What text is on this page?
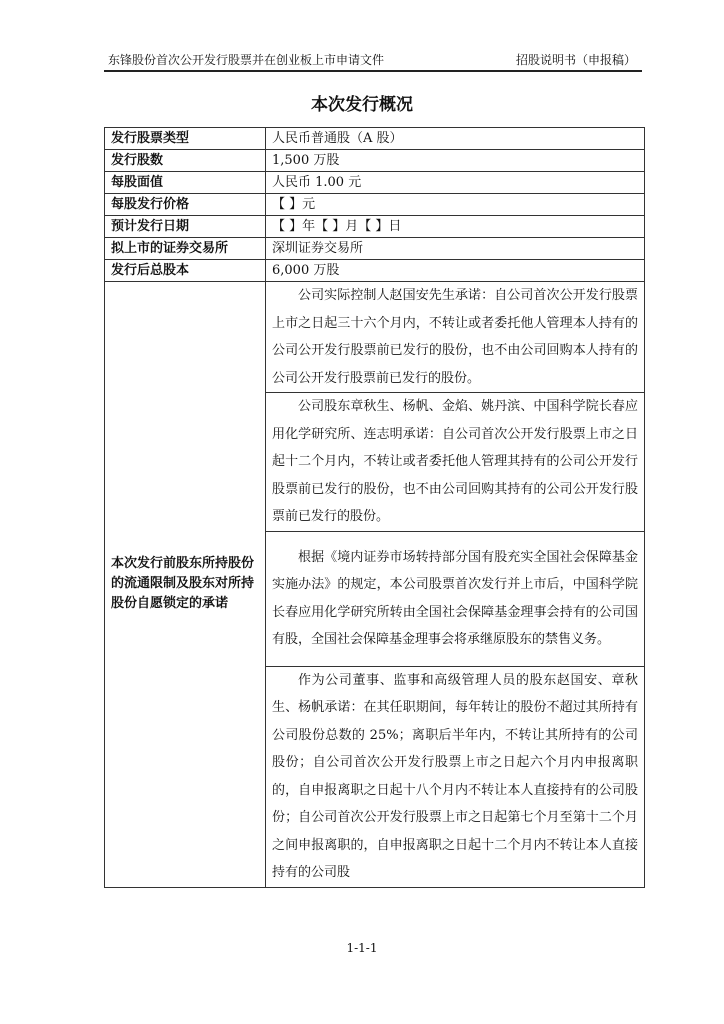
东锋股份首次公开发行股票并在创业板上市申请文件	招股说明书（申报稿）
本次发行概况
发行股票类型	人民币普通股（A 股）
发行股数	1,500 万股
每股面值	人民币 1.00 元
每股发行价格	【 】元
预计发行日期	【 】年【 】月【 】日
拟上市的证券交易所	深圳证券交易所
发行后总股本	6,000 万股
本次发行前股东所持股份的流通限制及股东对所持股份自愿锁定的承诺	公司实际控制人赵国安先生承诺：自公司首次公开发行股票上市之日起三十六个月内，不转让或者委托他人管理本人持有的公司公开发行股票前已发行的股份，也不由公司回购本人持有的公司公开发行股票前已发行的股份。
	公司股东章秋生、杨帆、金焰、姚丹滨、中国科学院长春应用化学研究所、连志明承诺：自公司首次公开发行股票上市之日起十二个月内，不转让或者委托他人管理其持有的公司公开发行股票前已发行的股份，也不由公司回购其持有的公司公开发行股票前已发行的股份。
	根据《境内证券市场转持部分国有股充实全国社会保障基金实施办法》的规定，本公司股票首次发行并上市后，中国科学院长春应用化学研究所转由全国社会保障基金理事会持有的公司国有股，全国社会保障基金理事会将承继原股东的禁售义务。
	作为公司董事、监事和高级管理人员的股东赵国安、章秋生、杨帆承诺：在其任职期间，每年转让的股份不超过其所持有公司股份总数的 25%；离职后半年内，不转让其所持有的公司股份；自公司首次公开发行股票上市之日起六个月内申报离职的，自申报离职之日起十八个月内不转让本人直接持有的公司股份；自公司首次公开发行股票上市之日起第七个月至第十二个月之间申报离职的，自申报离职之日起十二个月内不转让本人直接持有的公司股
1-1-1
